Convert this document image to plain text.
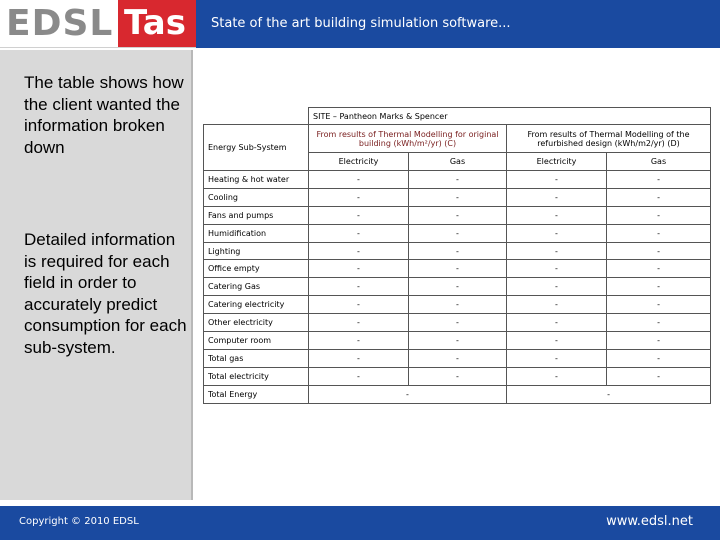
EDSL Tas	State of the art building simulation software...
The table shows how the client wanted the information broken down
Detailed information is required for each field in order to accurately predict consumption for each sub-system.
	SITE – Pantheon Marks & Spencer			
Energy Sub-System	From results of Thermal Modelling for original building (kWh/m²/yr) (C)		From results of Thermal Modelling of the refurbished design (kWh/m2/yr) (D)	
	Electricity	Gas	Electricity	Gas
Heating & hot water	-	-	-	-
Cooling	-	-	-	-
Fans and pumps	-	-	-	-
Humidification	-	-	-	-
Lighting	-	-	-	-
Office empty	-	-	-	-
Catering Gas	-	-	-	-
Catering electricity	-	-	-	-
Other electricity	-	-	-	-
Computer room	-	-	-	-
Total gas	-	-	-	-
Total electricity	-	-	-	-
Total Energy	-		-	
Copyright © 2010 EDSL	www.edsl.net
